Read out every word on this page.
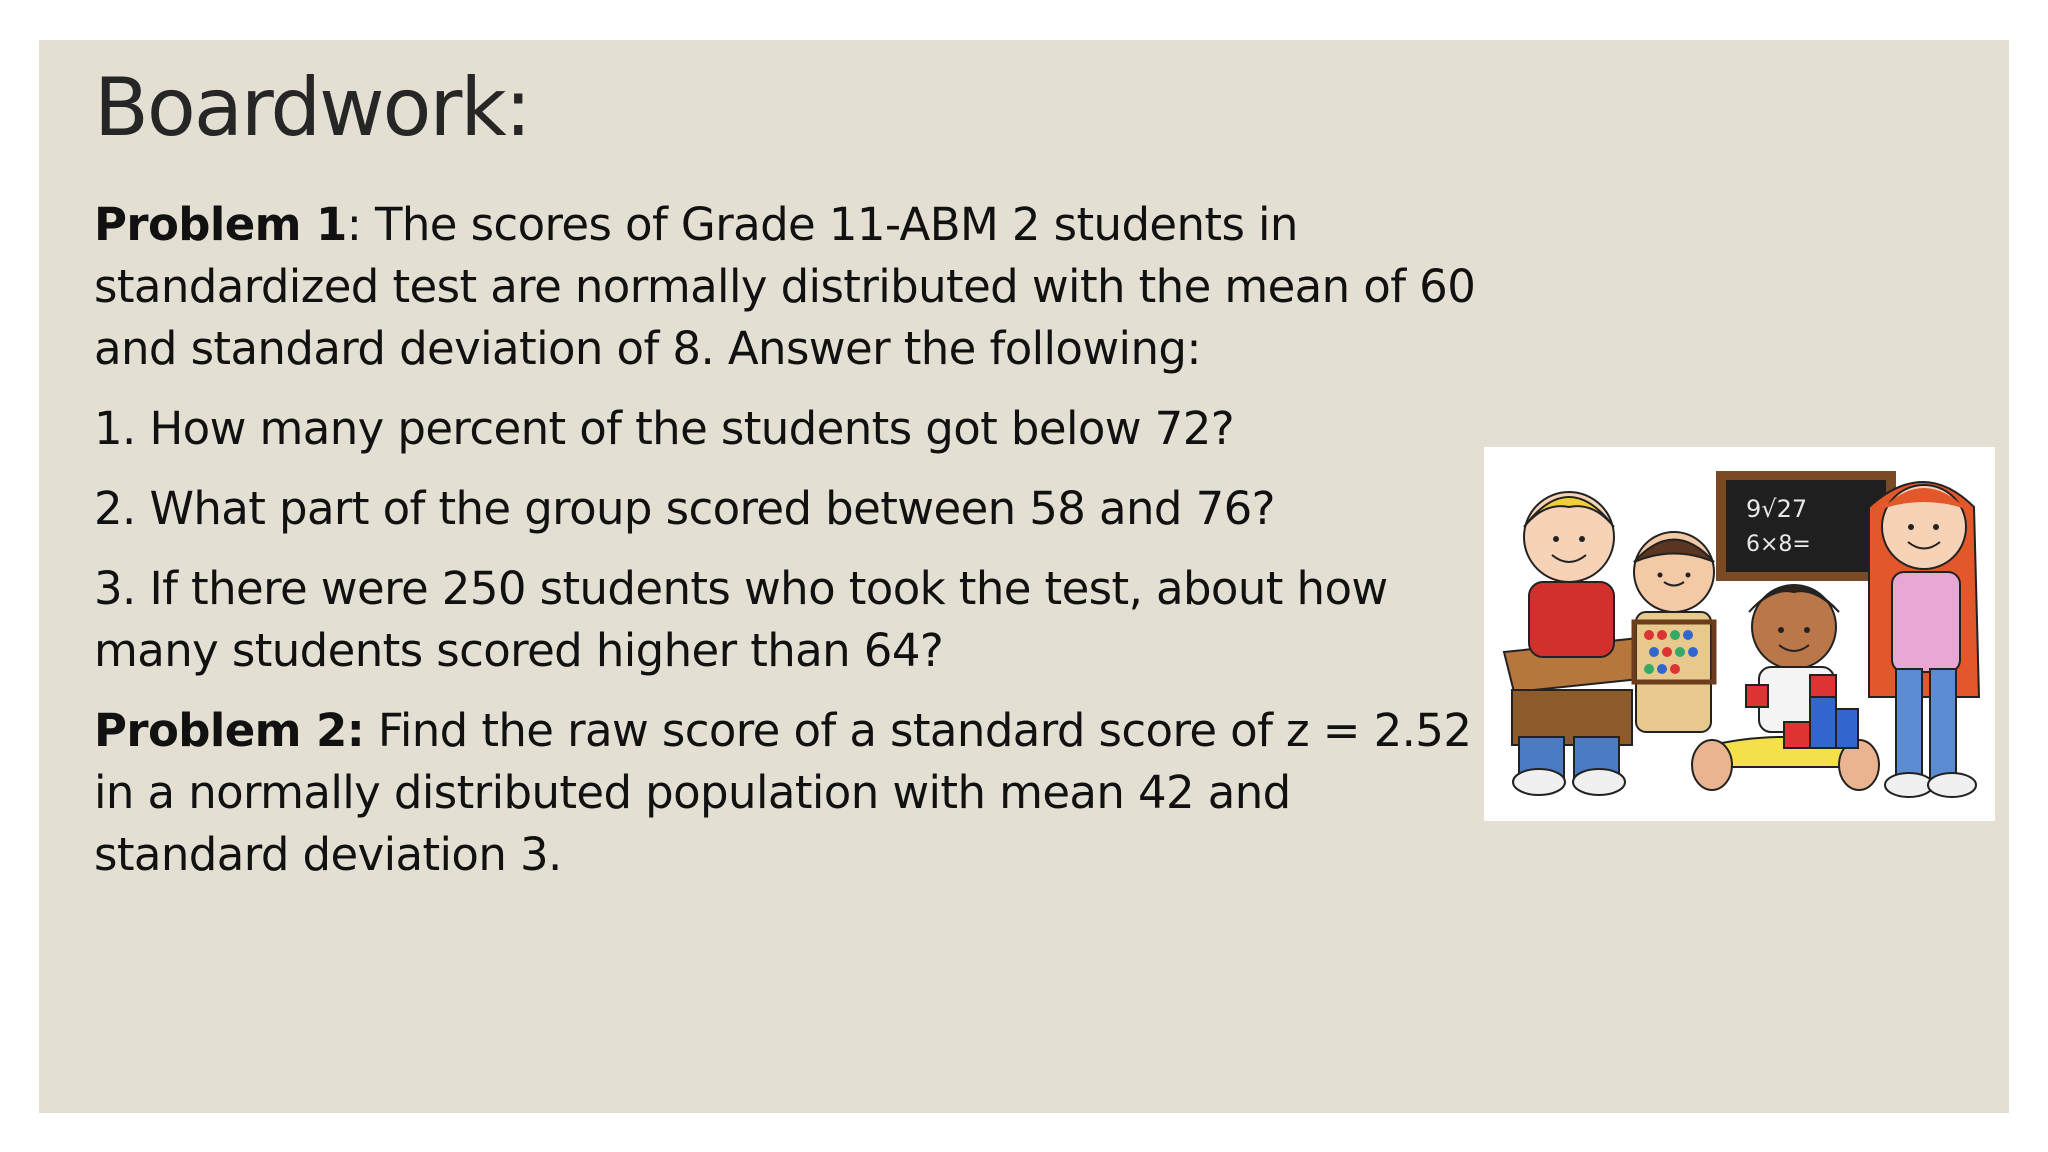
Boardwork:

Problem 1: The scores of Grade 11-ABM 2 students in standardized test are normally distributed with the mean of 60 and standard deviation of 8. Answer the following:

1. How many percent of the students got below 72?

2. What part of the group scored between 58 and 76?

3. If there were 250 students who took the test, about how many students scored higher than 64?

Problem 2: Find the raw score of a standard score of z = 2.52 in a normally distributed population with mean 42 and standard deviation 3.

9√27
6×8=
